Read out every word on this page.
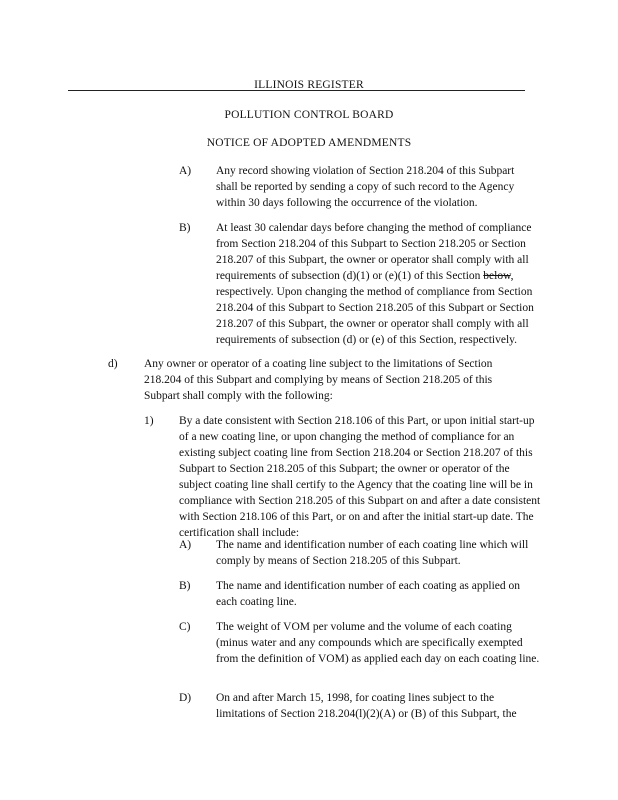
ILLINOIS REGISTER
POLLUTION CONTROL BOARD
NOTICE OF ADOPTED AMENDMENTS
A) Any record showing violation of Section 218.204 of this Subpart shall be reported by sending a copy of such record to the Agency within 30 days following the occurrence of the violation.
B) At least 30 calendar days before changing the method of compliance from Section 218.204 of this Subpart to Section 218.205 or Section 218.207 of this Subpart, the owner or operator shall comply with all requirements of subsection (d)(1) or (e)(1) of this Section below, respectively. Upon changing the method of compliance from Section 218.204 of this Subpart to Section 218.205 of this Subpart or Section 218.207 of this Subpart, the owner or operator shall comply with all requirements of subsection (d) or (e) of this Section, respectively.
d) Any owner or operator of a coating line subject to the limitations of Section 218.204 of this Subpart and complying by means of Section 218.205 of this Subpart shall comply with the following:
1) By a date consistent with Section 218.106 of this Part, or upon initial start-up of a new coating line, or upon changing the method of compliance for an existing subject coating line from Section 218.204 or Section 218.207 of this Subpart to Section 218.205 of this Subpart; the owner or operator of the subject coating line shall certify to the Agency that the coating line will be in compliance with Section 218.205 of this Subpart on and after a date consistent with Section 218.106 of this Part, or on and after the initial start-up date. The certification shall include:
A) The name and identification number of each coating line which will comply by means of Section 218.205 of this Subpart.
B) The name and identification number of each coating as applied on each coating line.
C) The weight of VOM per volume and the volume of each coating (minus water and any compounds which are specifically exempted from the definition of VOM) as applied each day on each coating line.
D) On and after March 15, 1998, for coating lines subject to the limitations of Section 218.204(l)(2)(A) or (B) of this Subpart, the
